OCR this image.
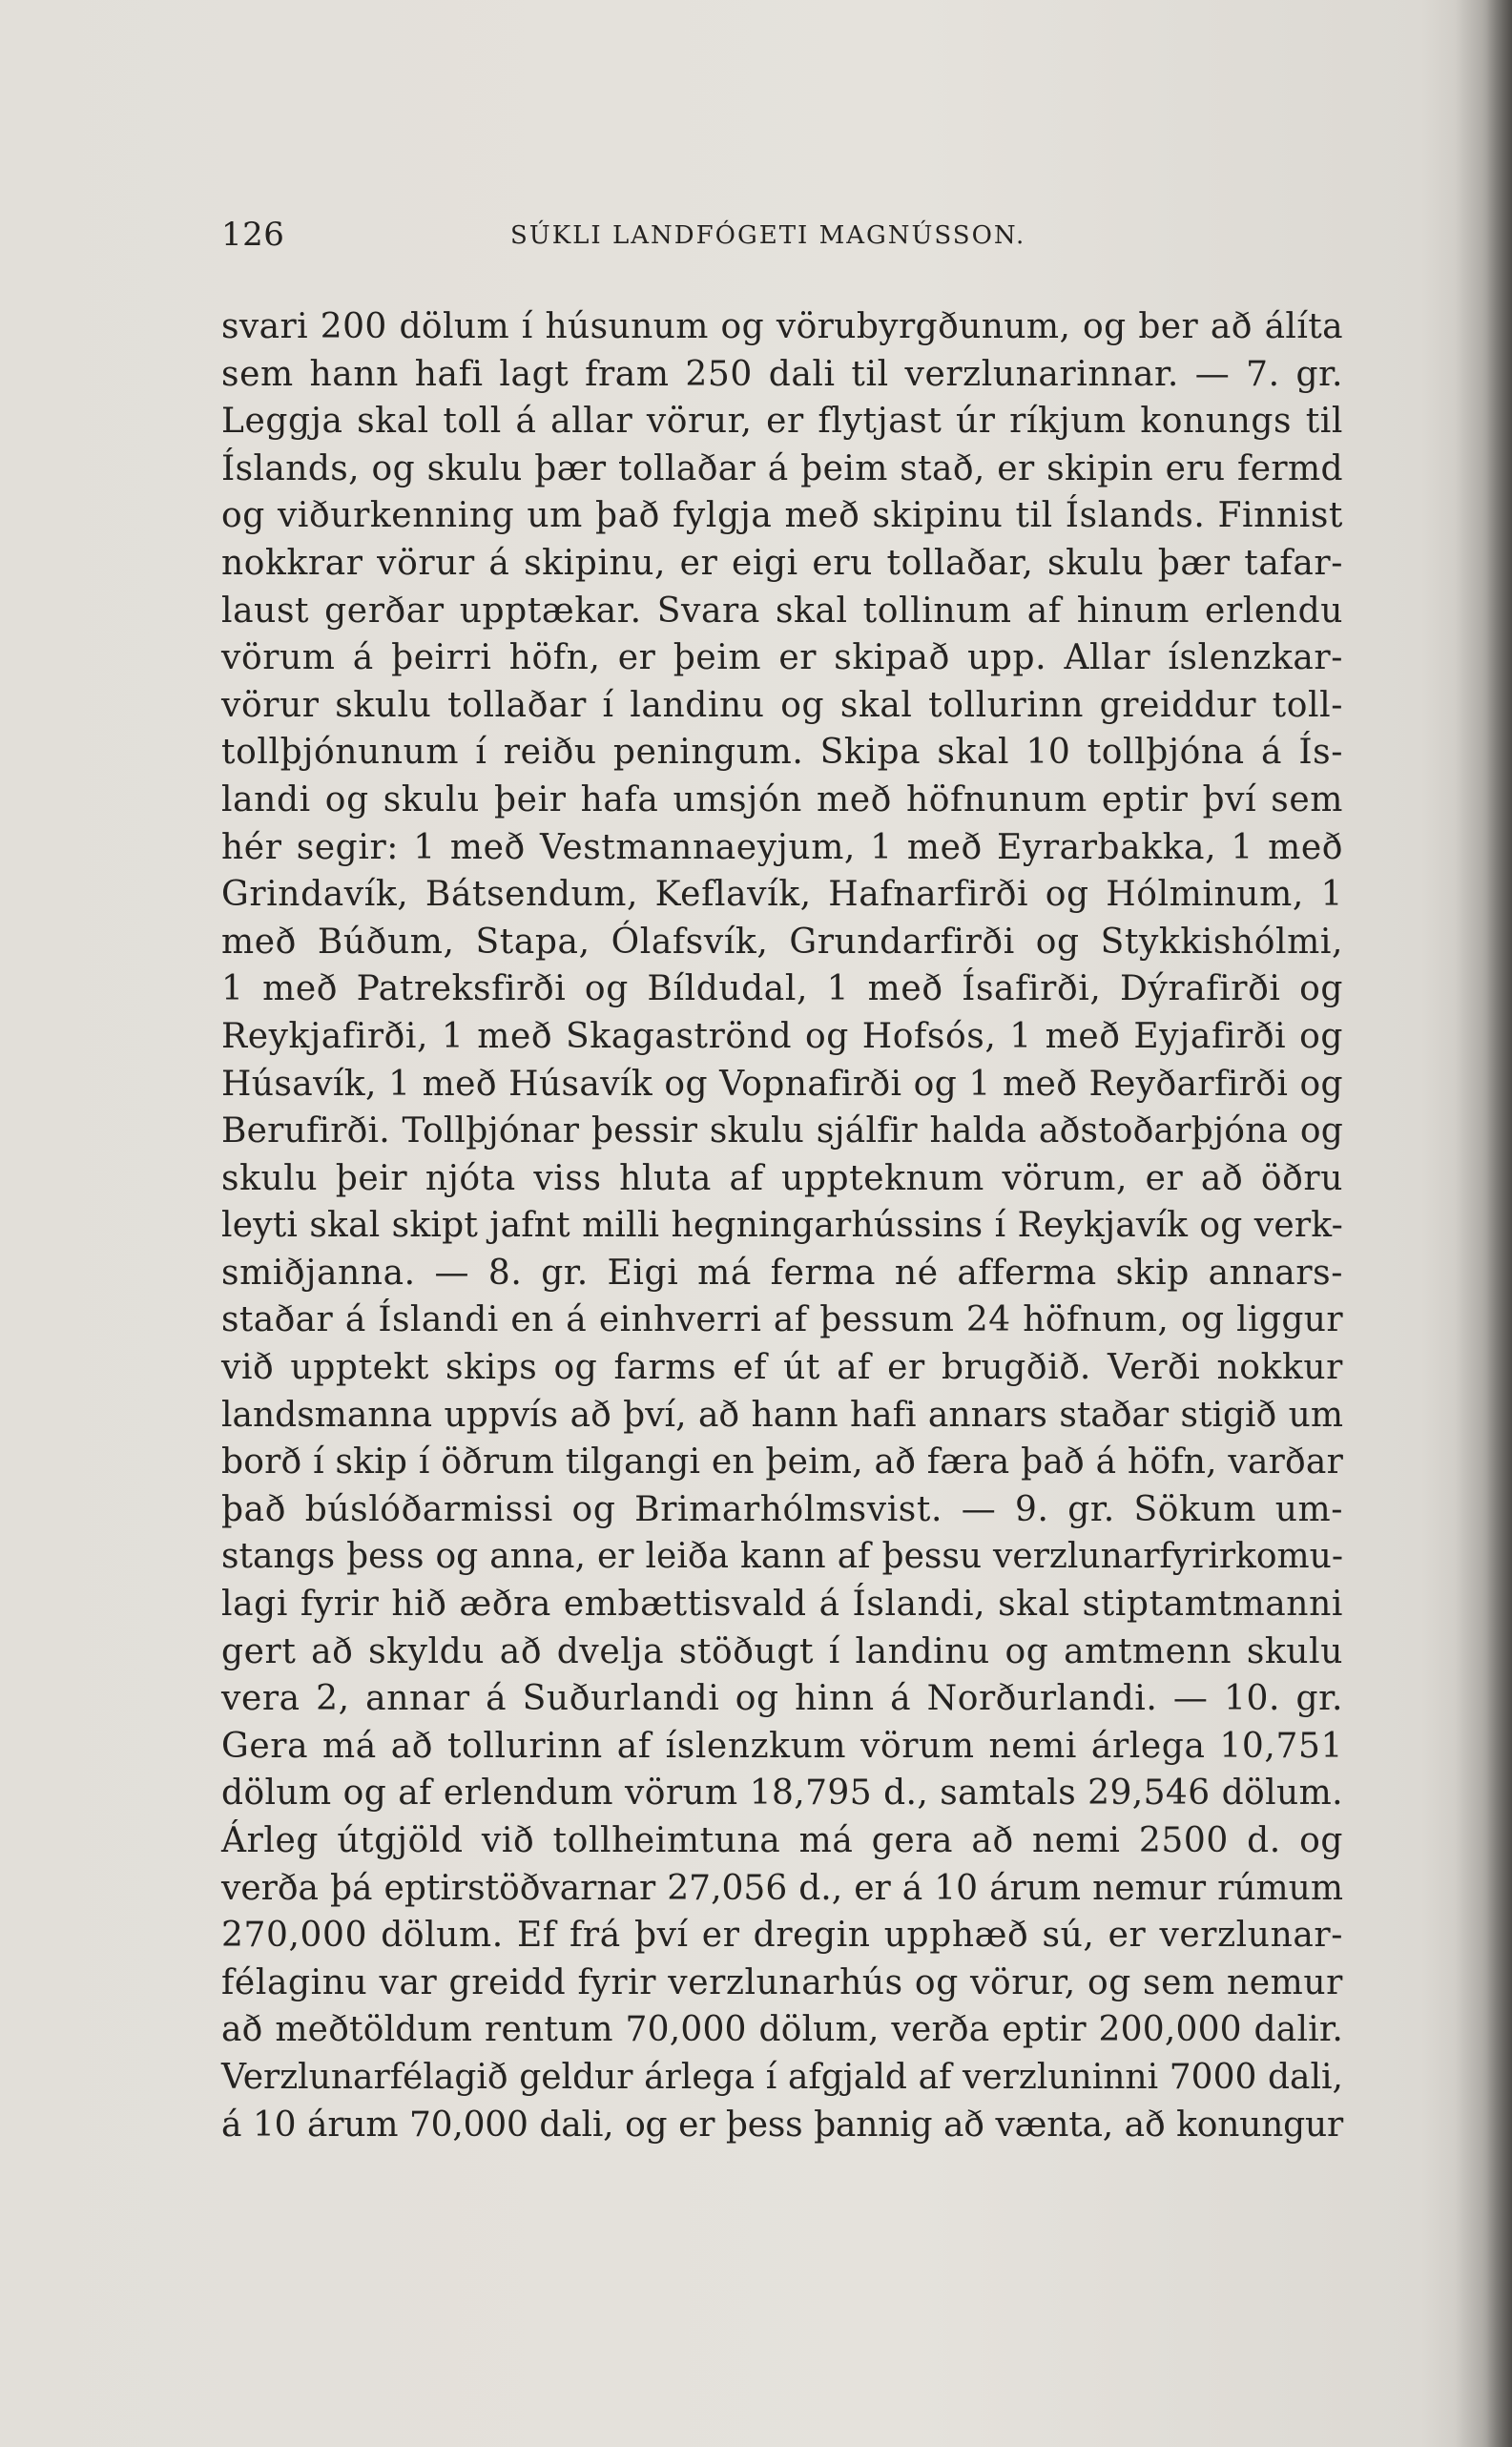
126	SÚKLI LANDFÓGETI MAGNÚSSON.
svari 200 dölum í húsunum og vörubyrgðunum, og ber að álíta
sem hann hafi lagt fram 250 dali til verzlunarinnar. — 7. gr.
Leggja skal toll á allar vörur, er flytjast úr ríkjum konungs til
Íslands, og skulu þær tollaðar á þeim stað, er skipin eru fermd
og viðurkenning um það fylgja með skipinu til Íslands. Finnist
nokkrar vörur á skipinu, er eigi eru tollaðar, skulu þær tafar-
laust gerðar upptækar. Svara skal tollinum af hinum erlendu
vörum á þeirri höfn, er þeim er skipað upp. Allar íslenzkar-
vörur skulu tollaðar í landinu og skal tollurinn greiddur toll-
tollþjónunum í reiðu peningum. Skipa skal 10 tollþjóna á Ís-
landi og skulu þeir hafa umsjón með höfnunum eptir því sem
hér segir: 1 með Vestmannaeyjum, 1 með Eyrarbakka, 1 með
Grindavík, Bátsendum, Keflavík, Hafnarfirði og Hólminum, 1
með Búðum, Stapa, Ólafsvík, Grundarfirði og Stykkishólmi,
1 með Patreksfirði og Bíldudal, 1 með Ísafirði, Dýrafirði og
Reykjafirði, 1 með Skagaströnd og Hofsós, 1 með Eyjafirði og
Húsavík, 1 með Húsavík og Vopnafirði og 1 með Reyðarfirði og
Berufirði. Tollþjónar þessir skulu sjálfir halda aðstoðarþjóna og
skulu þeir njóta viss hluta af uppteknum vörum, er að öðru
leyti skal skipt jafnt milli hegningarhússins í Reykjavík og verk-
smiðjanna. — 8. gr. Eigi má ferma né afferma skip annars-
staðar á Íslandi en á einhverri af þessum 24 höfnum, og liggur
við upptekt skips og farms ef út af er brugðið. Verði nokkur
landsmanna uppvís að því, að hann hafi annars staðar stigið um
borð í skip í öðrum tilgangi en þeim, að færa það á höfn, varðar
það búslóðarmissi og Brimarhólmsvist. — 9. gr. Sökum um-
stangs þess og anna, er leiða kann af þessu verzlunarfyrirkomu-
lagi fyrir hið æðra embættisvald á Íslandi, skal stiptamtmanni
gert að skyldu að dvelja stöðugt í landinu og amtmenn skulu
vera 2, annar á Suðurlandi og hinn á Norðurlandi. — 10. gr.
Gera má að tollurinn af íslenzkum vörum nemi árlega 10,751
dölum og af erlendum vörum 18,795 d., samtals 29,546 dölum.
Árleg útgjöld við tollheimtuna má gera að nemi 2500 d. og
verða þá eptirstöðvarnar 27,056 d., er á 10 árum nemur rúmum
270,000 dölum. Ef frá því er dregin upphæð sú, er verzlunar-
félaginu var greidd fyrir verzlunarhús og vörur, og sem nemur
að meðtöldum rentum 70,000 dölum, verða eptir 200,000 dalir.
Verzlunarfélagið geldur árlega í afgjald af verzluninni 7000 dali,
á 10 árum 70,000 dali, og er þess þannig að vænta, að konungur
